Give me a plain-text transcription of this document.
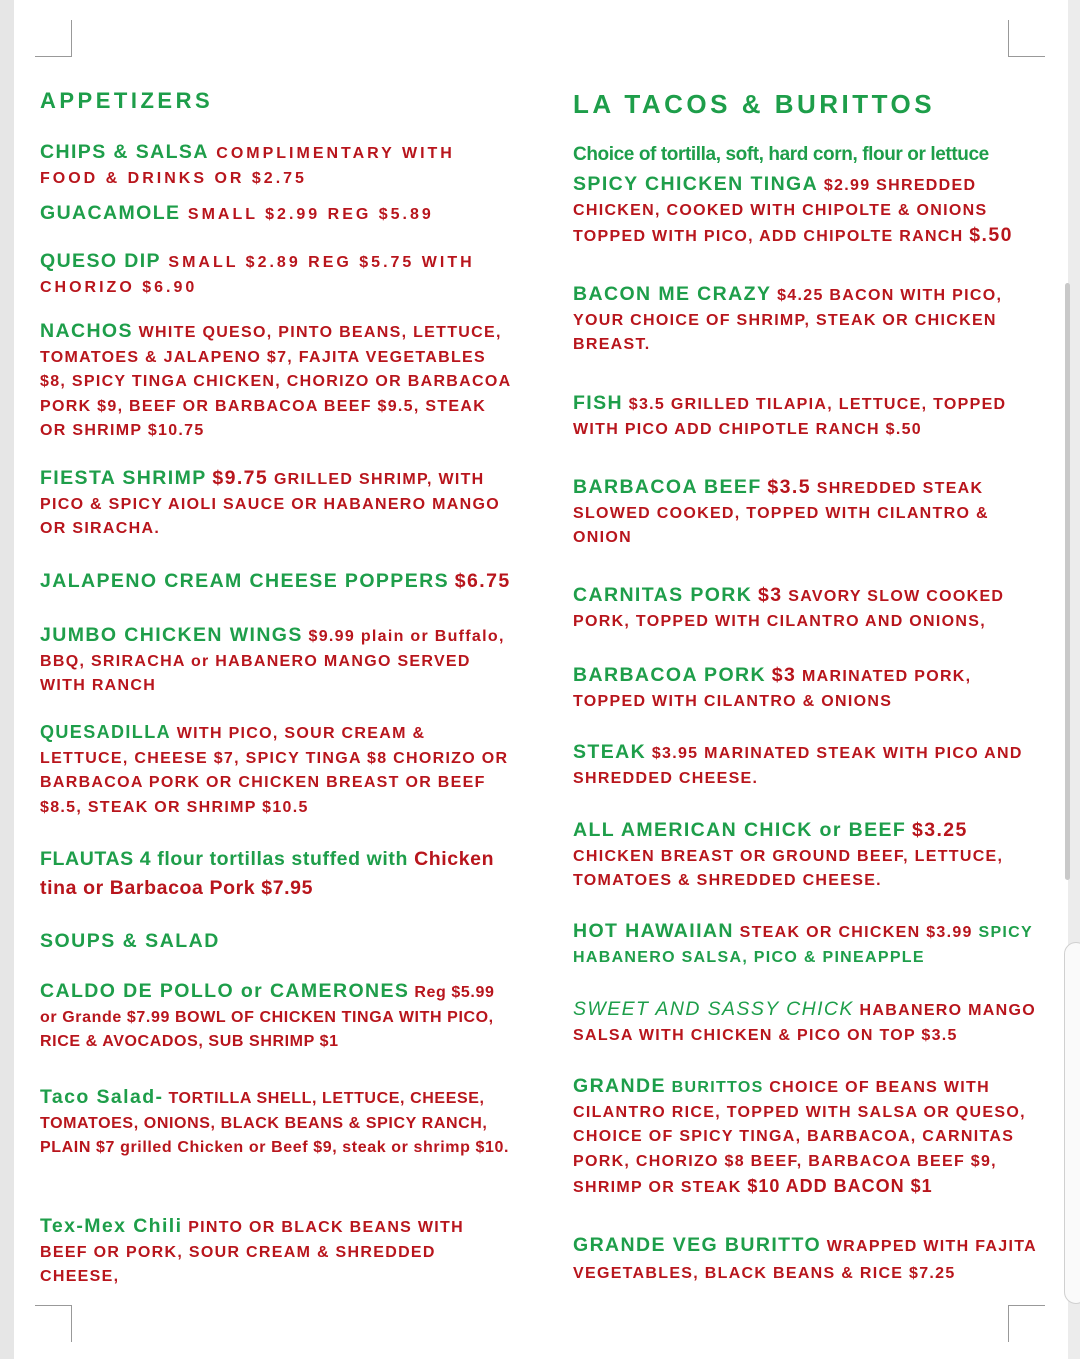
APPETIZERS
CHIPS & SALSA COMPLIMENTARY WITH FOOD & DRINKS OR $2.75
GUACAMOLE SMALL $2.99 REG $5.89
QUESO DIP SMALL $2.89 REG $5.75 WITH CHORIZO $6.90
NACHOS WHITE QUESO, PINTO BEANS, LETTUCE, TOMATOES & JALAPENO $7, FAJITA VEGETABLES $8, SPICY TINGA CHICKEN, CHORIZO OR BARBACOA PORK $9, BEEF OR BARBACOA BEEF $9.5, STEAK OR SHRIMP $10.75
FIESTA SHRIMP $9.75 GRILLED SHRIMP, WITH PICO & SPICY AIOLI SAUCE OR HABANERO MANGO OR SIRACHA.
JALAPENO CREAM CHEESE POPPERS $6.75
JUMBO CHICKEN WINGS $9.99 plain or Buffalo, BBQ, SRIRACHA or HABANERO MANGO SERVED WITH RANCH
QUESADILLA WITH PICO, SOUR CREAM & LETTUCE, CHEESE $7, SPICY TINGA $8 CHORIZO OR BARBACOA PORK OR CHICKEN BREAST OR BEEF $8.5, STEAK OR SHRIMP $10.5
FLAUTAS 4 flour tortillas stuffed with Chicken tina or Barbacoa Pork $7.95
SOUPS & SALAD
CALDO DE POLLO or CAMERONES Reg $5.99 or Grande $7.99 BOWL OF CHICKEN TINGA WITH PICO, RICE & AVOCADOS, SUB SHRIMP $1
Taco Salad- TORTILLA SHELL, LETTUCE, CHEESE, TOMATOES, ONIONS, BLACK BEANS & SPICY RANCH, PLAIN $7 grilled Chicken or Beef $9, steak or shrimp $10.
Tex-Mex Chili PINTO OR BLACK BEANS WITH BEEF OR PORK, SOUR CREAM & SHREDDED CHEESE,
LA TACOS & BURITTOS
Choice of tortilla, soft, hard corn, flour or lettuce
SPICY CHICKEN TINGA $2.99 SHREDDED CHICKEN, COOKED WITH CHIPOLTE & ONIONS TOPPED WITH PICO, ADD CHIPOLTE RANCH $.50
BACON ME CRAZY $4.25 BACON WITH PICO, YOUR CHOICE OF SHRIMP, STEAK OR CHICKEN BREAST.
FISH $3.5 GRILLED TILAPIA, LETTUCE, TOPPED WITH PICO ADD CHIPOTLE RANCH $.50
BARBACOA BEEF $3.5 SHREDDED STEAK SLOWED COOKED, TOPPED WITH CILANTRO & ONION
CARNITAS PORK $3 SAVORY SLOW COOKED PORK, TOPPED WITH CILANTRO AND ONIONS,
BARBACOA PORK $3 MARINATED PORK, TOPPED WITH CILANTRO & ONIONS
STEAK $3.95 MARINATED STEAK WITH PICO AND SHREDDED CHEESE.
ALL AMERICAN CHICK or BEEF $3.25 CHICKEN BREAST OR GROUND BEEF, LETTUCE, TOMATOES & SHREDDED CHEESE.
HOT HAWAIIAN STEAK OR CHICKEN $3.99 SPICY HABANERO SALSA, PICO & PINEAPPLE
SWEET AND SASSY CHICK HABANERO MANGO SALSA WITH CHICKEN & PICO ON TOP $3.5
GRANDE BURITTOS CHOICE OF BEANS WITH CILANTRO RICE, TOPPED WITH SALSA OR QUESO, CHOICE OF SPICY TINGA, BARBACOA, CARNITAS PORK, CHORIZO $8 BEEF, BARBACOA BEEF $9, SHRIMP OR STEAK $10 ADD BACON $1
GRANDE VEG BURITTO WRAPPED WITH FAJITA VEGETABLES, BLACK BEANS & RICE $7.25
